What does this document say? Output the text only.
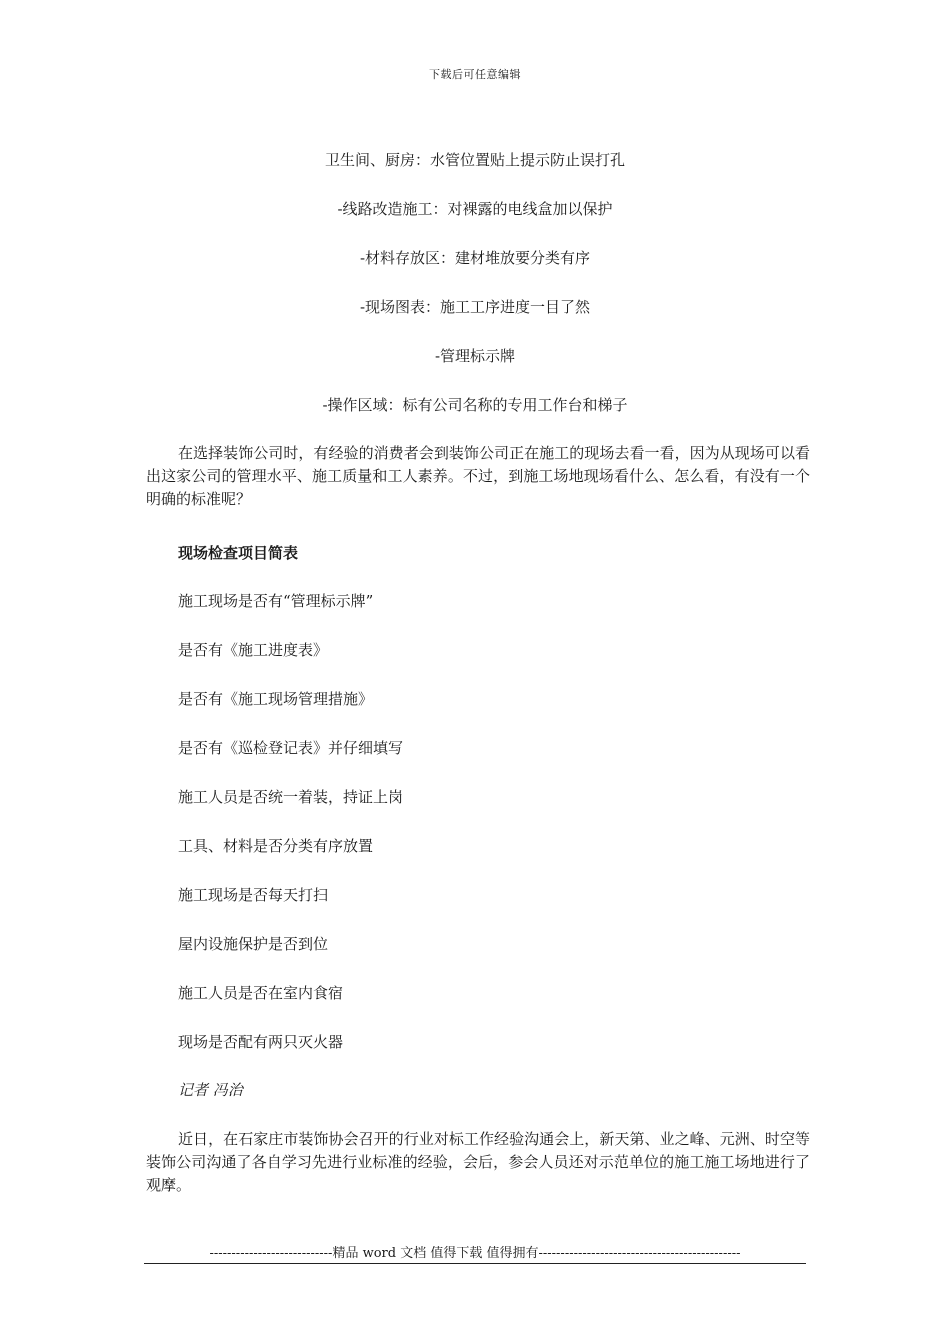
下载后可任意编辑
卫生间、厨房：水管位置贴上提示防止误打孔
-线路改造施工：对裸露的电线盒加以保护
-材料存放区：建材堆放要分类有序
-现场图表：施工工序进度一目了然
-管理标示牌
-操作区域：标有公司名称的专用工作台和梯子
在选择装饰公司时，有经验的消费者会到装饰公司正在施工的现场去看一看，因为从现场可以看出这家公司的管理水平、施工质量和工人素养。不过，到施工场地现场看什么、怎么看，有没有一个明确的标准呢？
现场检查项目简表
施工现场是否有“管理标示牌”
是否有《施工进度表》
是否有《施工现场管理措施》
是否有《巡检登记表》并仔细填写
施工人员是否统一着装，持证上岗
工具、材料是否分类有序放置
施工现场是否每天打扫
屋内设施保护是否到位
施工人员是否在室内食宿
现场是否配有两只灭火器
记者 冯治
近日，在石家庄市装饰协会召开的行业对标工作经验沟通会上，新天第、业之峰、元洲、时空等装饰公司沟通了各自学习先进行业标准的经验，会后，参会人员还对示范单位的施工施工场地进行了观摩。
----------------------------精品 word 文档 值得下载 值得拥有----------------------------------------------
